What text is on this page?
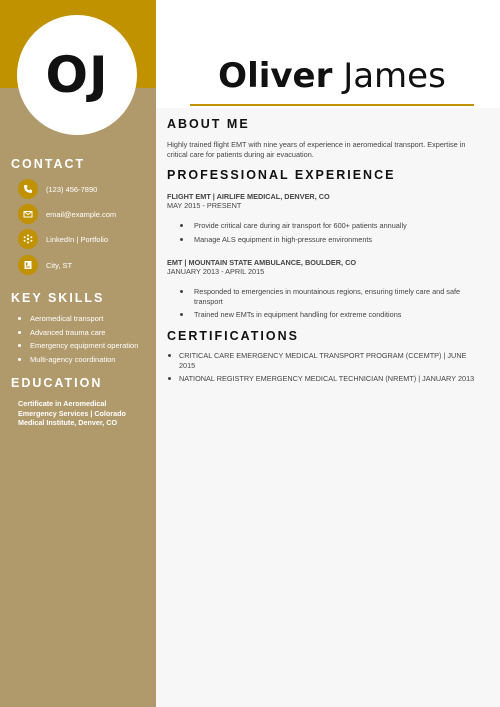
OJ	Oliver James
CONTACT
(123) 456-7890
email@example.com
LinkedIn | Portfolio
City, ST
KEY SKILLS
Aeromedical transport
Advanced trauma care
Emergency equipment operation
Multi-agency coordination
EDUCATION
Certificate in Aeromedical Emergency Services | Colorado Medical Institute, Denver, CO
ABOUT ME
Highly trained flight EMT with nine years of experience in aeromedical transport. Expertise in critical care for patients during air evacuation.
PROFESSIONAL EXPERIENCE
FLIGHT EMT | AIRLIFE MEDICAL, DENVER, CO
MAY 2015 - PRESENT
Provide critical care during air transport for 600+ patients annually
Manage ALS equipment in high-pressure environments
EMT | MOUNTAIN STATE AMBULANCE, BOULDER, CO
JANUARY 2013 - APRIL 2015
Responded to emergencies in mountainous regions, ensuring timely care and safe transport
Trained new EMTs in equipment handling for extreme conditions
CERTIFICATIONS
CRITICAL CARE EMERGENCY MEDICAL TRANSPORT PROGRAM (CCEMTP) | JUNE 2015
NATIONAL REGISTRY EMERGENCY MEDICAL TECHNICIAN (NREMT) | JANUARY 2013
